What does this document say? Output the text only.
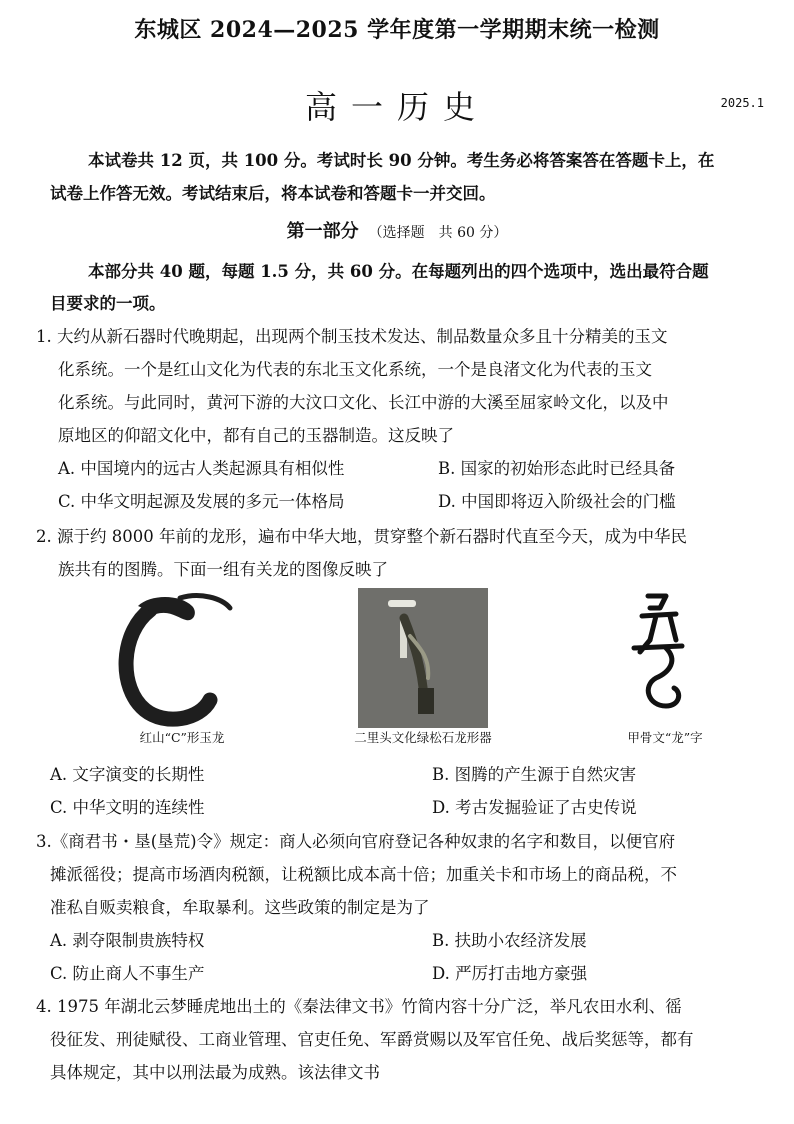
东城区 2024—2025 学年度第一学期期末统一检测
高一历史	2025.1
本试卷共 12 页，共 100 分。考试时长 90 分钟。考生务必将答案答在答题卡上，在
试卷上作答无效。考试结束后，将本试卷和答题卡一并交回。
第一部分 （选择题　共 60 分）
本部分共 40 题，每题 1.5 分，共 60 分。在每题列出的四个选项中，选出最符合题
目要求的一项。
1. 大约从新石器时代晚期起，出现两个制玉技术发达、制品数量众多且十分精美的玉文
化系统。一个是红山文化为代表的东北玉文化系统，一个是良渚文化为代表的玉文
化系统。与此同时，黄河下游的大汶口文化、长江中游的大溪至屈家岭文化，以及中
原地区的仰韶文化中，都有自己的玉器制造。这反映了
A. 中国境内的远古人类起源具有相似性	B. 国家的初始形态此时已经具备
C. 中华文明起源及发展的多元一体格局	D. 中国即将迈入阶级社会的门槛
2. 源于约 8000 年前的龙形，遍布中华大地，贯穿整个新石器时代直至今天，成为中华民
族共有的图腾。下面一组有关龙的图像反映了
红山“C”形玉龙	二里头文化绿松石龙形器	甲骨文“龙”字
A. 文字演变的长期性	B. 图腾的产生源于自然灾害
C. 中华文明的连续性	D. 考古发掘验证了古史传说
3.《商君书・垦(垦荒)令》规定：商人必须向官府登记各种奴隶的名字和数目，以便官府
摊派徭役；提高市场酒肉税额，让税额比成本高十倍；加重关卡和市场上的商品税，不
准私自贩卖粮食，牟取暴利。这些政策的制定是为了
A. 剥夺限制贵族特权	B. 扶助小农经济发展
C. 防止商人不事生产	D. 严厉打击地方豪强
4. 1975 年湖北云梦睡虎地出土的《秦法律文书》竹简内容十分广泛，举凡农田水利、徭
役征发、刑徒赋役、工商业管理、官吏任免、军爵赏赐以及军官任免、战后奖惩等，都有
具体规定，其中以刑法最为成熟。该法律文书
